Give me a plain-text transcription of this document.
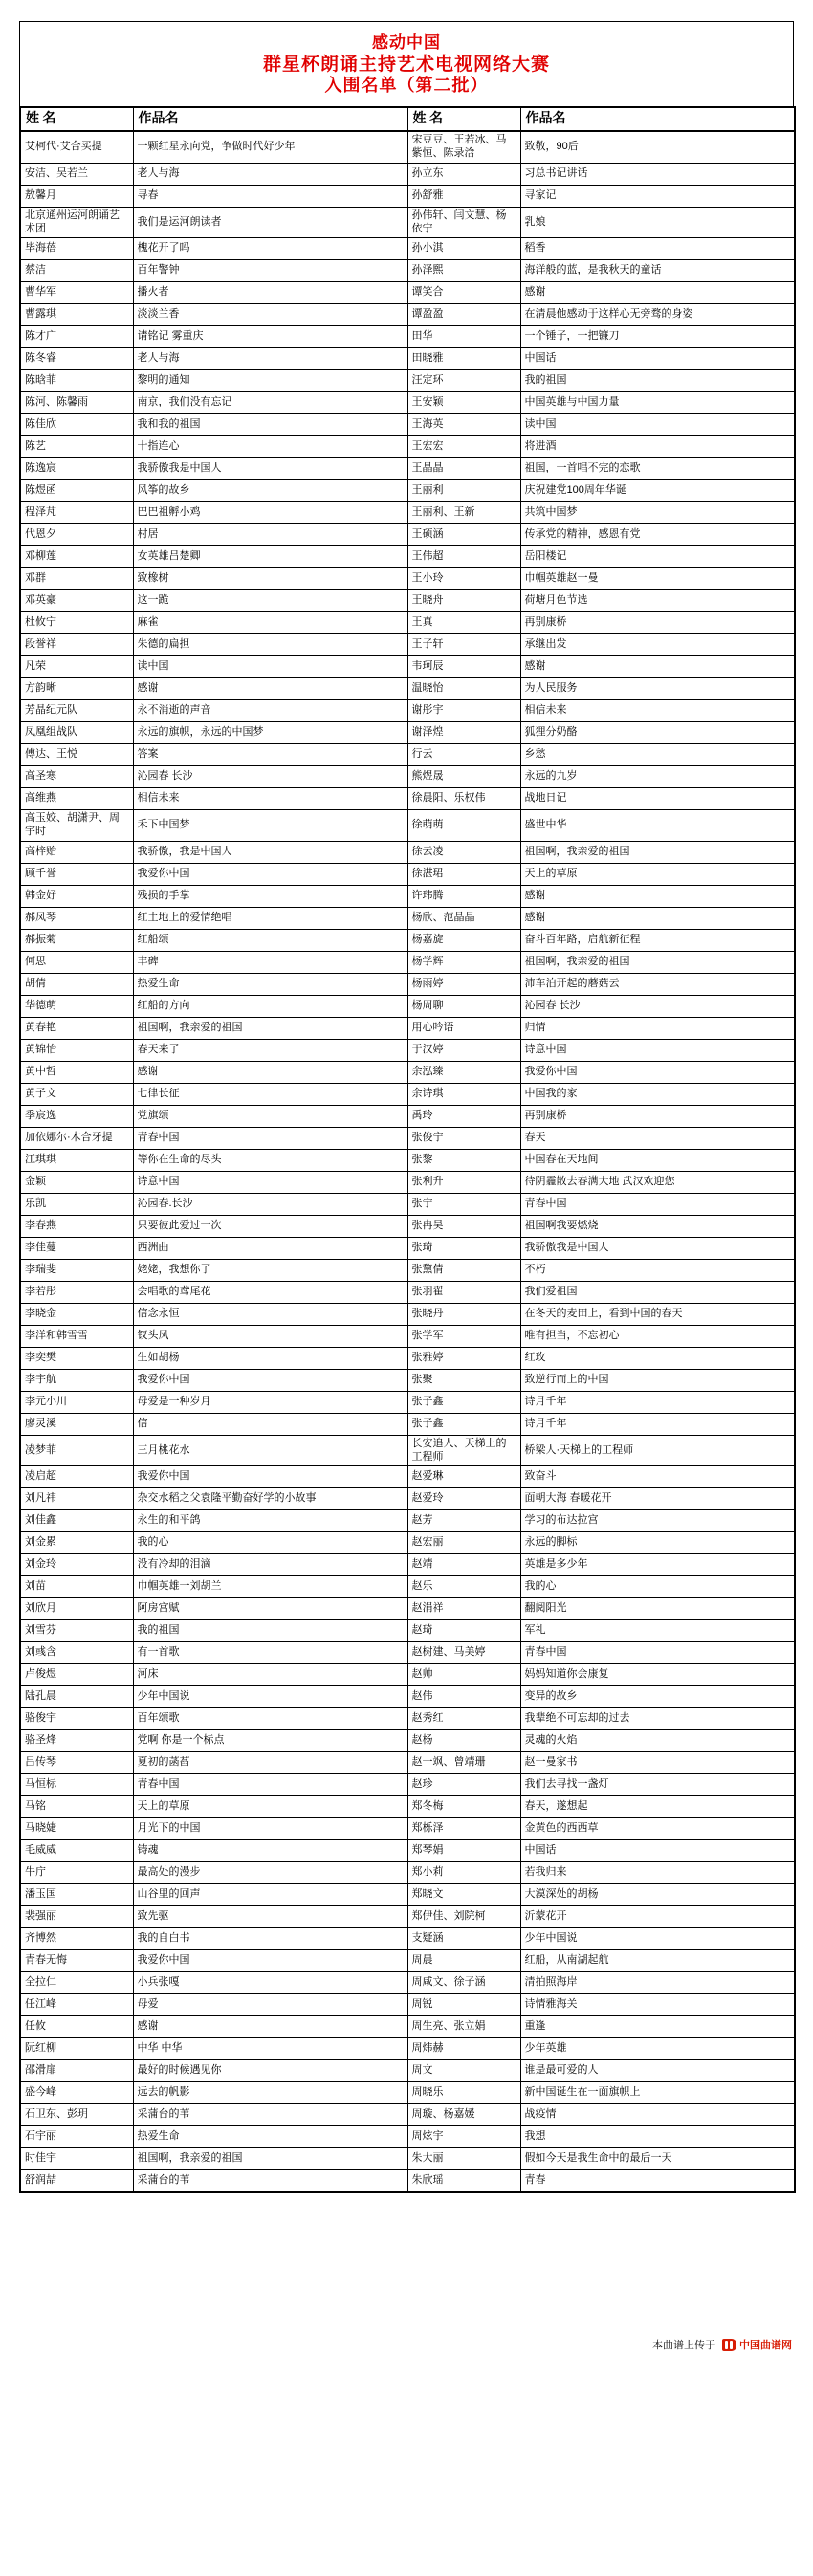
感动中国
群星杯朗诵主持艺术电视网络大赛
入围名单（第二批）
姓 名	作品名	姓 名	作品名
艾柯代·艾合买提	一颗红星永向党，争做时代好少年	宋豆豆、王若冰、马紫恒、陈录浛	致敬，90后
安洁、吴若兰	老人与海	孙立东	习总书记讲话
敖馨月	寻春	孙舒雅	寻家记
北京通州运河朗诵艺术团	我们是运河朗读者	孙伟轩、闫文慧、杨依宁	乳娘
毕海蓓	槐花开了吗	孙小淇	稻香
蔡洁	百年警钟	孙泽熙	海洋般的蓝，是我秋天的童话
曹华军	播火者	谭笑合	感谢
曹露琪	淡淡兰香	谭盈盈	在清晨他感动于这样心无旁骛的身姿
陈才广	请铭记 雾重庆	田华	一个锤子，一把镰刀
陈冬睿	老人与海	田晓雅	中国话
陈晗菲	黎明的通知	汪定环	我的祖国
陈河、陈馨雨	南京，我们没有忘记	王安颖	中国英雄与中国力量
陈佳欣	我和我的祖国	王海英	读中国
陈艺	十指连心	王宏宏	将进酒
陈逸宸	我骄傲我是中国人	王晶晶	祖国，一首唱不完的恋歌
陈煜函	风筝的故乡	王丽利	庆祝建党100周年华诞
程泽芃	巴巴祖孵小鸡	王丽利、王新	共筑中国梦
代恩夕	村居	王硕涵	传承党的精神，感恩有党
邓柳莲	女英雄吕楚卿	王伟超	岳阳楼记
邓群	致橡树	王小玲	巾帼英雄赵一曼
邓英豪	这一跪	王晓舟	荷塘月色节选
杜攸宁	麻雀	王真	再别康桥
段誉祥	朱德的扁担	王子轩	承继出发
凡荣	读中国	韦珂辰	感谢
方韵晰	感谢	温晓怡	为人民服务
芳晶纪元队	永不消逝的声音	谢彤宇	相信未来
凤凰组战队	永远的旗帜，永远的中国梦	谢泽煌	狐狸分奶酪
傅达、王悦	答案	行云	乡愁
高圣寒	沁园春 长沙	熊煜晟	永远的九岁
高维燕	相信未来	徐晨阳、乐权伟	战地日记
高玉姣、胡潇尹、周宇时	禾下中国梦	徐萌萌	盛世中华
高梓贻	我骄傲，我是中国人	徐云凌	祖国啊，我亲爱的祖国
顾千誉	我爱你中国	徐湛珺	天上的草原
韩金妤	残损的手掌	许玮腾	感谢
郝凤琴	红土地上的爱情绝唱	杨欣、范晶晶	感谢
郝振菊	红船颂	杨嘉旋	奋斗百年路，启航新征程
何思	丰碑	杨学辉	祖国啊，我亲爱的祖国
胡倩	热爱生命	杨雨婷	沛车泊开起的蘑菇云
华德萌	红船的方向	杨周聊	沁园春 长沙
黄春艳	祖国啊，我亲爱的祖国	用心吟语	归情
黄锦怡	春天来了	于汉婷	诗意中国
黄中哲	感谢	余泓臻	我爱你中国
黄子文	七律长征	余诗琪	中国我的家
季宸逸	党旗颂	禹玲	再别康桥
加依娜尔·木合牙提	青春中国	张俊宁	春天
江琪琪	等你在生命的尽头	张黎	中国春在天地间
金颖	诗意中国	张利升	待阴霾散去春满大地 武汉欢迎您
乐凯	沁园春.长沙	张宁	青春中国
李春燕	只要彼此爱过一次	张冉昊	祖国啊我要燃烧
李佳蔓	西洲曲	张琦	我骄傲我是中国人
李瑞斐	姥姥，我想你了	张黧倩	不朽
李若彤	会唱歌的鸢尾花	张羽翟	我们爱祖国
李晓金	信念永恒	张晓丹	在冬天的麦田上，看到中国的春天
李洋和韩雪雪	钗头凤	张学军	唯有担当，不忘初心
李奕樊	生如胡杨	张雅婷	红玫
李宇航	我爱你中国	张聚	致逆行而上的中国
李元小川	母爱是一种岁月	张子鑫	诗月千年
廖灵溪	信	张子鑫	诗月千年
凌梦菲	三月桃花水	长安追人、天梯上的工程师	桥梁人·天梯上的工程师
凌启超	我爱你中国	赵爱琳	致奋斗
刘凡祎	杂交水稻之父袁隆平勤奋好学的小故事	赵爱玲	面朝大海 春暖花开
刘佳鑫	永生的和平鸽	赵芳	学习的布达拉宫
刘金累	我的心	赵宏丽	永远的脚标
刘金玲	没有冷却的泪滴	赵靖	英雄是多少年
刘苗	巾帼英雄一刘胡兰	赵乐	我的心
刘欣月	阿房宫赋	赵涓祥	翻阅阳光
刘雪芬	我的祖国	赵琦	军礼
刘彧含	有一首歌	赵树建、马美婷	青春中国
卢俊煜	河床	赵帅	妈妈知道你会康复
陆孔晨	少年中国说	赵伟	变异的故乡
骆俊宇	百年颂歌	赵秀红	我辈绝不可忘却的过去
骆圣烽	党啊 你是一个标点	赵杨	灵魂的火焰
吕传琴	夏初的菡萏	赵一飒、曾靖珊	赵一曼家书
马恒标	青春中国	赵珍	我们去寻找一盏灯
马铭	天上的草原	郑冬梅	春天，遂想起
马晓婕	月光下的中国	郑栎泽	金黄色的西西草
毛威威	铸魂	郑琴娟	中国话
牛庁	最高处的漫步	郑小莉	若我归来
潘玉国	山谷里的回声	郑晓文	大漠深处的胡杨
裴强丽	致先驱	郑伊佳、刘院柯	沂蒙花开
齐博然	我的自白书	支疑涵	少年中国说
青春无悔	我爱你中国	周晨	红船，从南湖起航
全拉仁	小兵张嘎	周咸文、徐子涵	清拍照海岸
任江峰	母爱	周锐	诗情雅海关
任攸	感谢	周生亮、张立娟	重逢
阮红柳	中华 中华	周炜赫	少年英雄
邵滑扉	最好的时候遇见你	周文	谁是最可爱的人
盛今峰	远去的帆影	周晓乐	新中国诞生在一面旗帜上
石卫东、彭玥	采蒲台的苇	周璇、杨嘉媛	战疫情
石宇丽	热爱生命	周炫宇	我想
时佳宇	祖国啊，我亲爱的祖国	朱大丽	假如今天是我生命中的最后一天
舒润喆	采蒲台的苇	朱欣瑶	青春
本曲谱上传于 中国曲谱网
